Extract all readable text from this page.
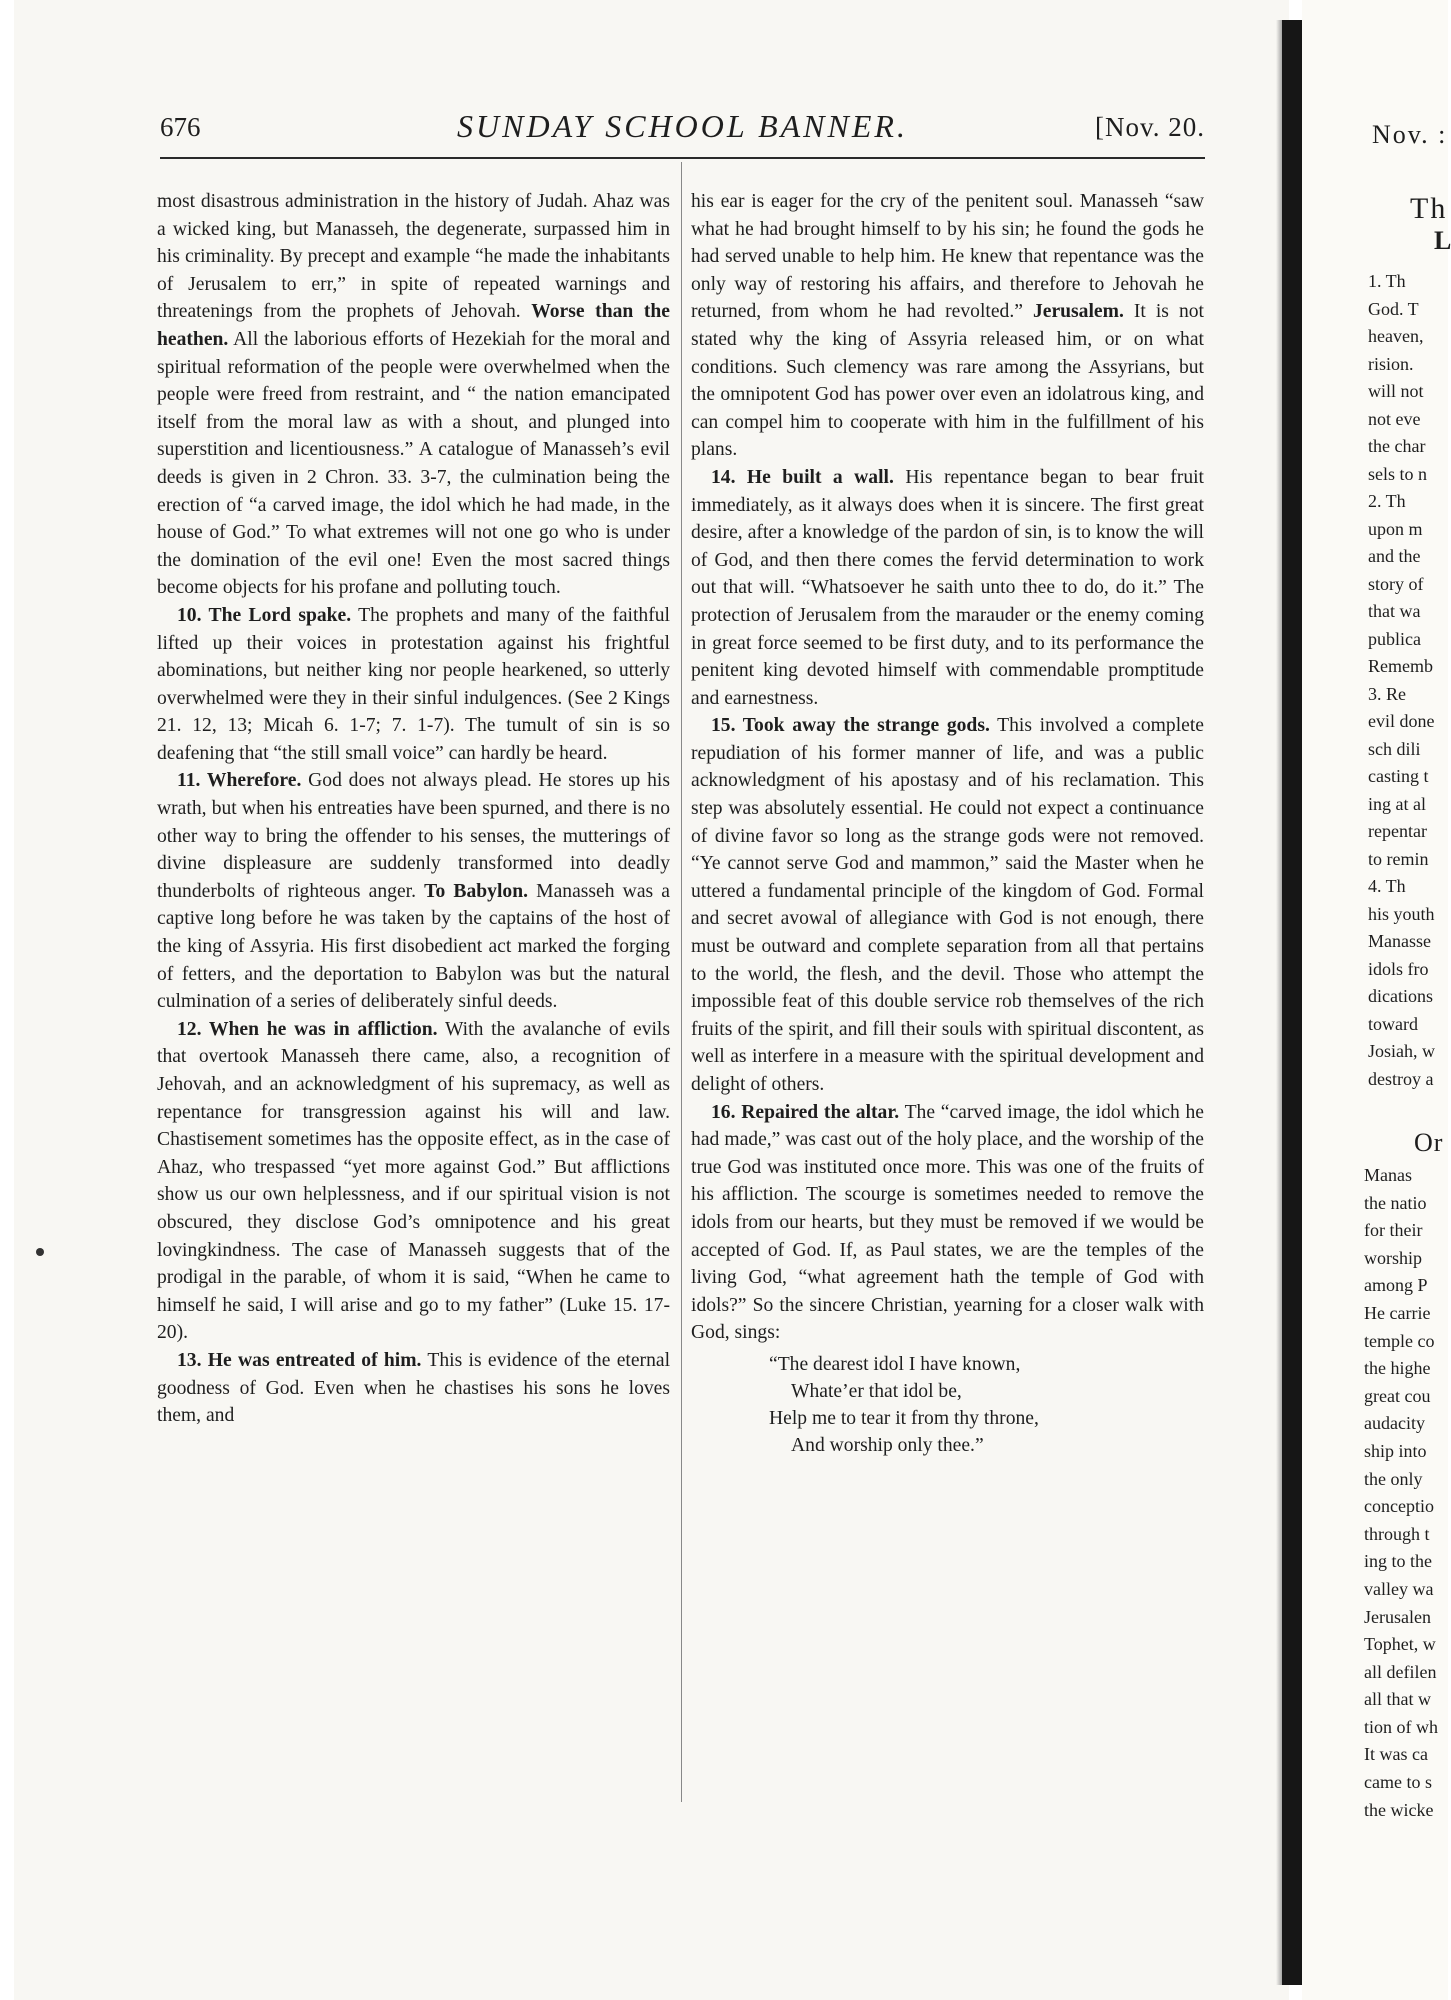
Nov. :
Th
L
1. Th
God. T
heaven,
rision.
will not
not eve
the char
sels to n
2. Th
upon m
and the
story of
that wa
publica
Rememb
3. Re
evil done
sch dili
casting t
ing at al
repentar
to remin
4. Th
his youth
Manasse
idols fro
dications
toward
Josiah, w
destroy a
Or
Manas
the natio
for their
worship
among P
He carrie
temple co
the highe
great cou
audacity
ship into
the only
conceptio
through t
ing to the
valley wa
Jerusalen
Tophet, w
all defilen
all that w
tion of wh
It was ca
came to s
the wicke
676	SUNDAY SCHOOL BANNER.	[Nov. 20.

most disastrous administration in the history of Judah. Ahaz was a wicked king, but Manasseh, the degenerate, surpassed him in his criminality. By precept and example “he made the inhabitants of Jerusalem to err,” in spite of repeated warnings and threatenings from the prophets of Jehovah. Worse than the heathen. All the laborious efforts of Hezekiah for the moral and spiritual reformation of the people were overwhelmed when the people were freed from restraint, and “ the nation emancipated itself from the moral law as with a shout, and plunged into superstition and licentiousness.” A catalogue of Manasseh’s evil deeds is given in 2 Chron. 33. 3-7, the culmination being the erection of “a carved image, the idol which he had made, in the house of God.” To what extremes will not one go who is under the domination of the evil one! Even the most sacred things become objects for his profane and polluting touch.

10. The Lord spake. The prophets and many of the faithful lifted up their voices in protestation against his frightful abominations, but neither king nor people hearkened, so utterly overwhelmed were they in their sinful indulgences. (See 2 Kings 21. 12, 13; Micah 6. 1-7; 7. 1-7). The tumult of sin is so deafening that “the still small voice” can hardly be heard.

11. Wherefore. God does not always plead. He stores up his wrath, but when his entreaties have been spurned, and there is no other way to bring the offender to his senses, the mutterings of divine displeasure are suddenly transformed into deadly thunderbolts of righteous anger. To Babylon. Manasseh was a captive long before he was taken by the captains of the host of the king of Assyria. His first disobedient act marked the forging of fetters, and the deportation to Babylon was but the natural culmination of a series of deliberately sinful deeds.

12. When he was in affliction. With the avalanche of evils that overtook Manasseh there came, also, a recognition of Jehovah, and an acknowledgment of his supremacy, as well as repentance for transgression against his will and law. Chastisement sometimes has the opposite effect, as in the case of Ahaz, who trespassed “yet more against God.” But afflictions show us our own helplessness, and if our spiritual vision is not obscured, they disclose God’s omnipotence and his great lovingkindness. The case of Manasseh suggests that of the prodigal in the parable, of whom it is said, “When he came to himself he said, I will arise and go to my father” (Luke 15. 17-20).

13. He was entreated of him. This is evidence of the eternal goodness of God. Even when he chastises his sons he loves them, and

his ear is eager for the cry of the penitent soul. Manasseh “saw what he had brought himself to by his sin; he found the gods he had served unable to help him. He knew that repentance was the only way of restoring his affairs, and therefore to Jehovah he returned, from whom he had revolted.” Jerusalem. It is not stated why the king of Assyria released him, or on what conditions. Such clemency was rare among the Assyrians, but the omnipotent God has power over even an idolatrous king, and can compel him to cooperate with him in the fulfillment of his plans.

14. He built a wall. His repentance began to bear fruit immediately, as it always does when it is sincere. The first great desire, after a knowledge of the pardon of sin, is to know the will of God, and then there comes the fervid determination to work out that will. “Whatsoever he saith unto thee to do, do it.” The protection of Jerusalem from the marauder or the enemy coming in great force seemed to be first duty, and to its performance the penitent king devoted himself with commendable promptitude and earnestness.

15. Took away the strange gods. This involved a complete repudiation of his former manner of life, and was a public acknowledgment of his apostasy and of his reclamation. This step was absolutely essential. He could not expect a continuance of divine favor so long as the strange gods were not removed. “Ye cannot serve God and mammon,” said the Master when he uttered a fundamental principle of the kingdom of God. Formal and secret avowal of allegiance with God is not enough, there must be outward and complete separation from all that pertains to the world, the flesh, and the devil. Those who attempt the impossible feat of this double service rob themselves of the rich fruits of the spirit, and fill their souls with spiritual discontent, as well as interfere in a measure with the spiritual development and delight of others.

16. Repaired the altar. The “carved image, the idol which he had made,” was cast out of the holy place, and the worship of the true God was instituted once more. This was one of the fruits of his affliction. The scourge is sometimes needed to remove the idols from our hearts, but they must be removed if we would be accepted of God. If, as Paul states, we are the temples of the living God, “what agreement hath the temple of God with idols?” So the sincere Christian, yearning for a closer walk with God, sings:

“The dearest idol I have known,
Whate’er that idol be,
Help me to tear it from thy throne,
And worship only thee.”
